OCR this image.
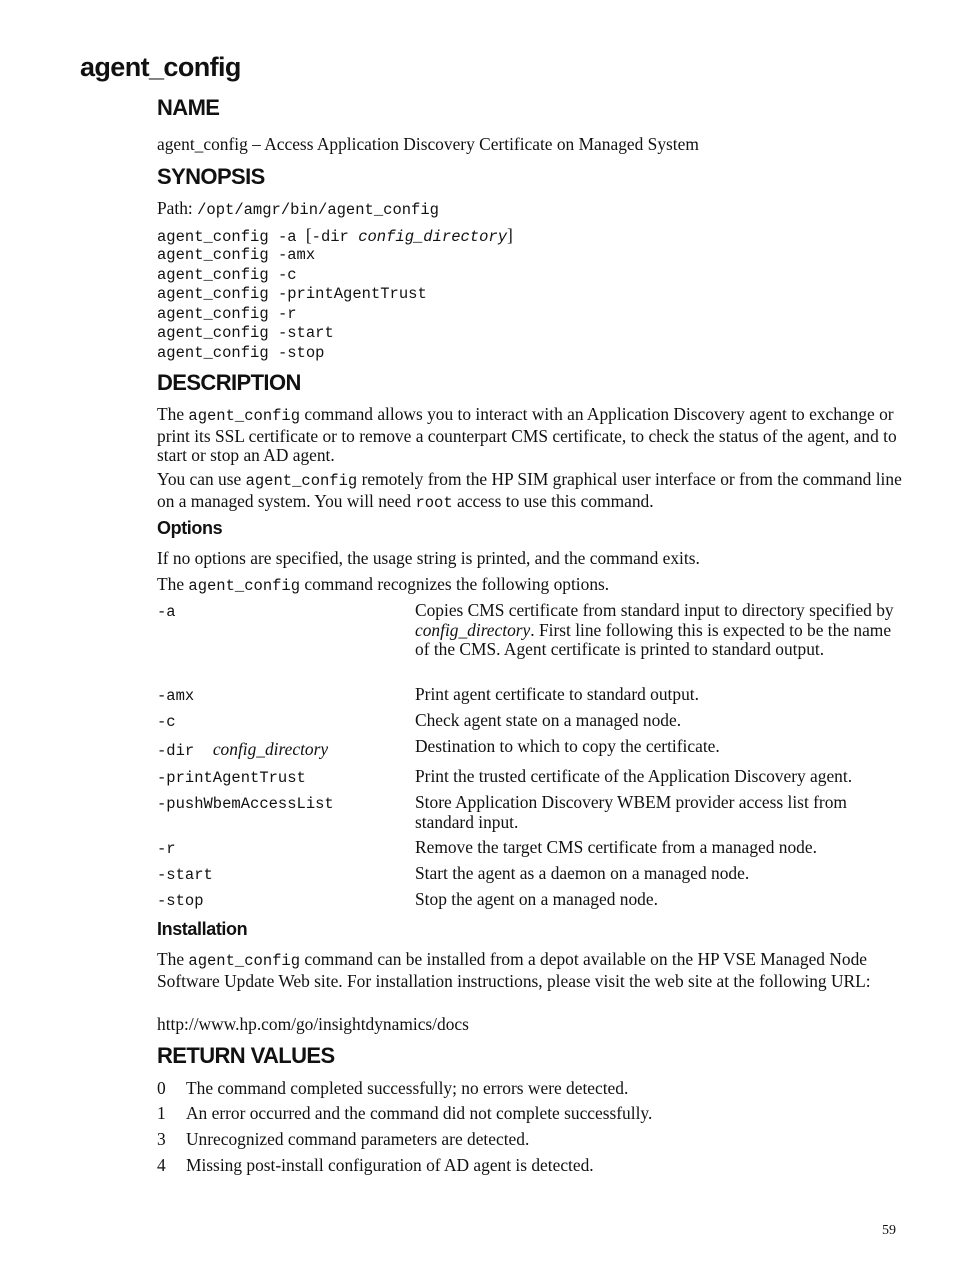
agent_config
NAME
agent_config – Access Application Discovery Certificate on Managed System
SYNOPSIS
Path: /opt/amgr/bin/agent_config
agent_config -a [-dir config_directory]
agent_config -amx
agent_config -c
agent_config -printAgentTrust
agent_config -r
agent_config -start
agent_config -stop
DESCRIPTION
The agent_config command allows you to interact with an Application Discovery agent to exchange or print its SSL certificate or to remove a counterpart CMS certificate, to check the status of the agent, and to start or stop an AD agent.
You can use agent_config remotely from the HP SIM graphical user interface or from the command line on a managed system. You will need root access to use this command.
Options
If no options are specified, the usage string is printed, and the command exits.
The agent_config command recognizes the following options.
-a	Copies CMS certificate from standard input to directory specified by config_directory. First line following this is expected to be the name of the CMS. Agent certificate is printed to standard output.
-amx	Print agent certificate to standard output.
-c	Check agent state on a managed node.
-dir config_directory	Destination to which to copy the certificate.
-printAgentTrust	Print the trusted certificate of the Application Discovery agent.
-pushWbemAccessList	Store Application Discovery WBEM provider access list from standard input.
-r	Remove the target CMS certificate from a managed node.
-start	Start the agent as a daemon on a managed node.
-stop	Stop the agent on a managed node.
Installation
The agent_config command can be installed from a depot available on the HP VSE Managed Node Software Update Web site. For installation instructions, please visit the web site at the following URL:
http://www.hp.com/go/insightdynamics/docs
RETURN VALUES
0 The command completed successfully; no errors were detected.
1 An error occurred and the command did not complete successfully.
3 Unrecognized command parameters are detected.
4 Missing post-install configuration of AD agent is detected.
59
